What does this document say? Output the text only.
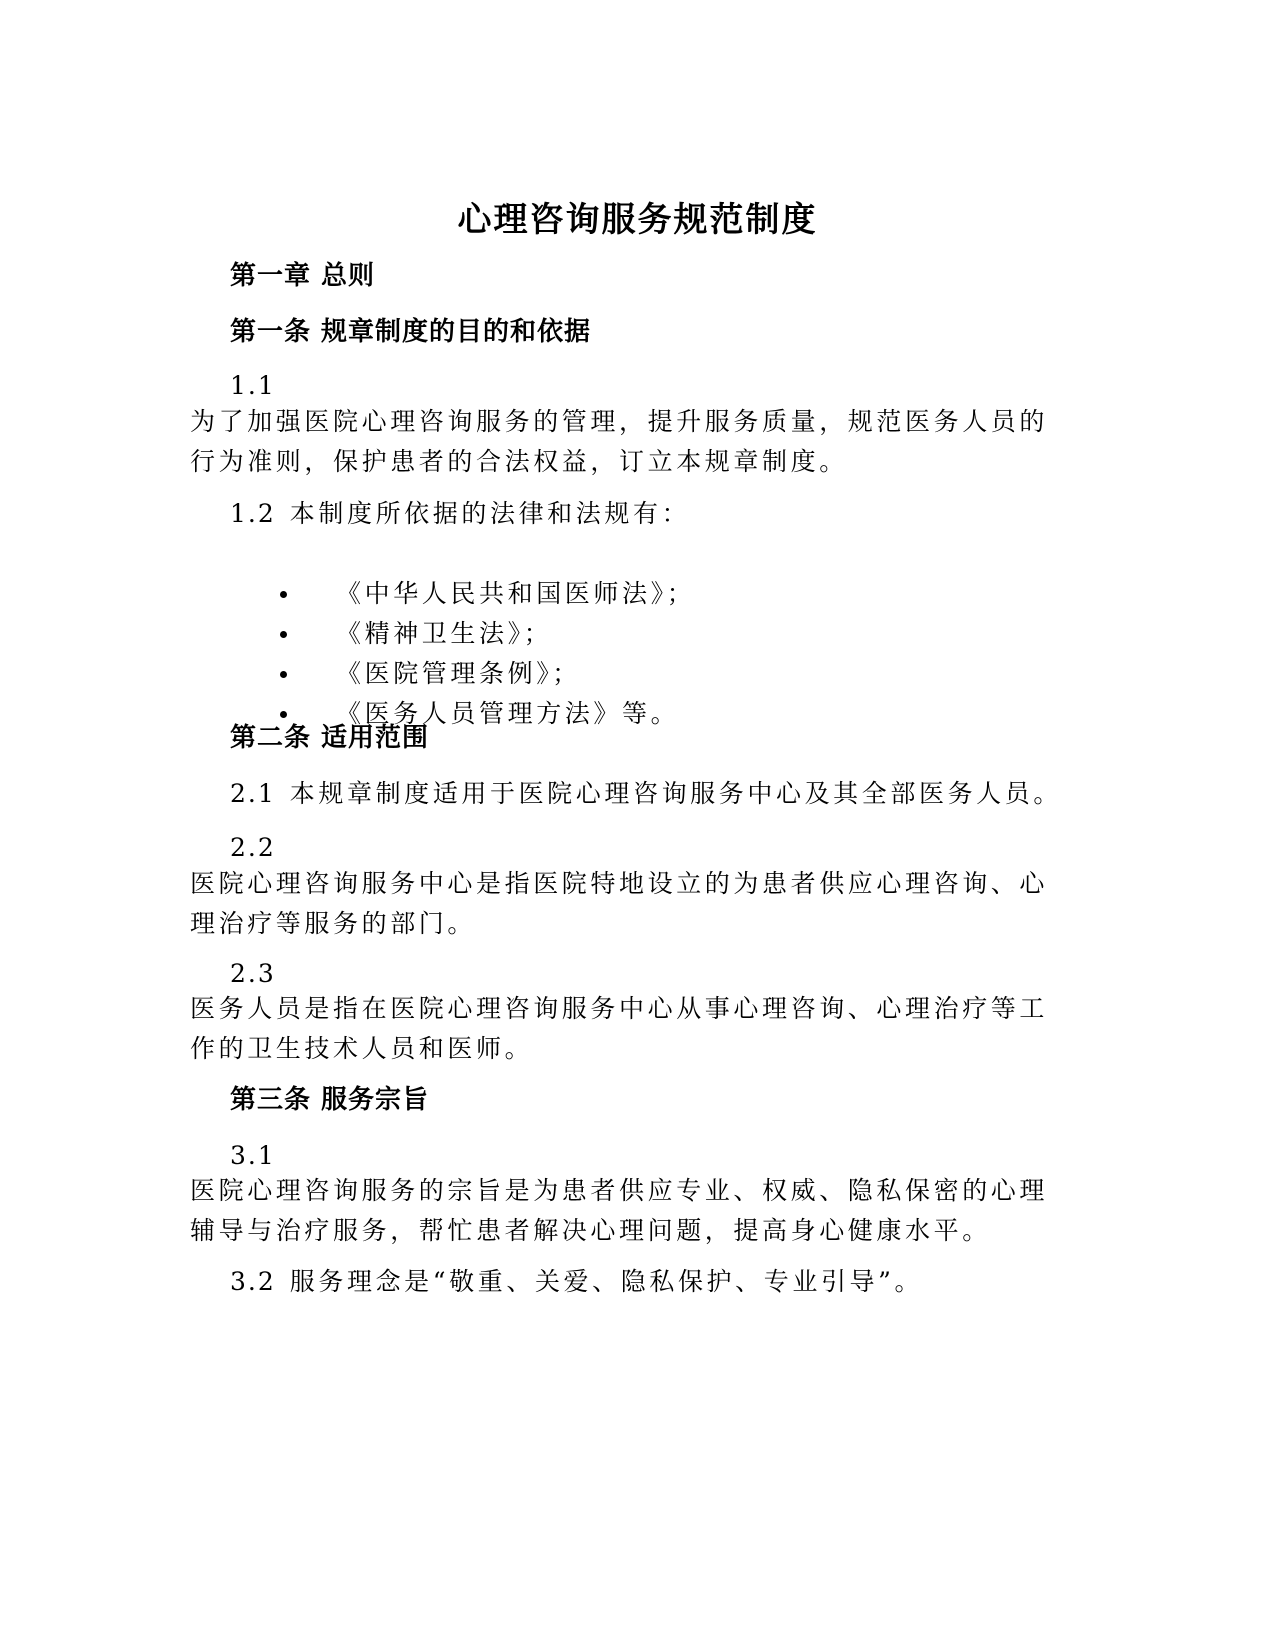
心理咨询服务规范制度
第一章 总则
第一条 规章制度的目的和依据
1.1
为了加强医院心理咨询服务的管理，提升服务质量，规范医务人员的行为准则，保护患者的合法权益，订立本规章制度。
1.2 本制度所依据的法律和法规有：
《中华人民共和国医师法》；
《精神卫生法》；
《医院管理条例》；
《医务人员管理方法》等。
第二条 适用范围
2.1 本规章制度适用于医院心理咨询服务中心及其全部医务人员。
2.2
医院心理咨询服务中心是指医院特地设立的为患者供应心理咨询、心理治疗等服务的部门。
2.3
医务人员是指在医院心理咨询服务中心从事心理咨询、心理治疗等工作的卫生技术人员和医师。
第三条 服务宗旨
3.1
医院心理咨询服务的宗旨是为患者供应专业、权威、隐私保密的心理辅导与治疗服务，帮忙患者解决心理问题，提高身心健康水平。
3.2 服务理念是“敬重、关爱、隐私保护、专业引导”。
